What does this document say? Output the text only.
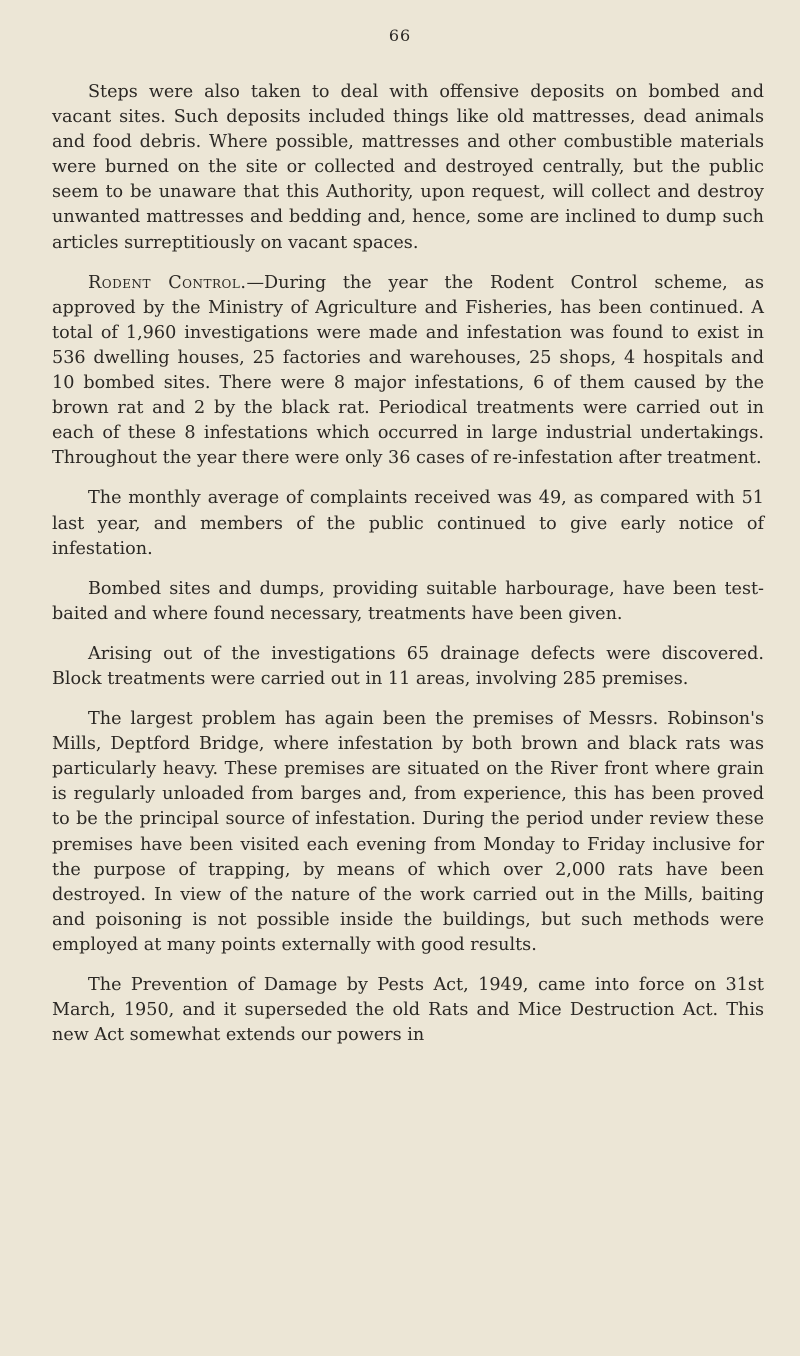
66

Steps were also taken to deal with offensive deposits on bombed and vacant sites. Such deposits included things like old mattresses, dead animals and food debris. Where possible, mattresses and other combustible materials were burned on the site or collected and destroyed centrally, but the public seem to be unaware that this Authority, upon request, will collect and destroy unwanted mattresses and bedding and, hence, some are inclined to dump such articles surreptitiously on vacant spaces.

Rodent Control.—During the year the Rodent Control scheme, as approved by the Ministry of Agriculture and Fisheries, has been continued. A total of 1,960 investigations were made and infestation was found to exist in 536 dwelling houses, 25 factories and warehouses, 25 shops, 4 hospitals and 10 bombed sites. There were 8 major infestations, 6 of them caused by the brown rat and 2 by the black rat. Periodical treatments were carried out in each of these 8 infestations which occurred in large industrial undertakings. Throughout the year there were only 36 cases of re-infestation after treatment.

The monthly average of complaints received was 49, as compared with 51 last year, and members of the public continued to give early notice of infestation.

Bombed sites and dumps, providing suitable harbourage, have been test-baited and where found necessary, treatments have been given.

Arising out of the investigations 65 drainage defects were discovered. Block treatments were carried out in 11 areas, involving 285 premises.

The largest problem has again been the premises of Messrs. Robinson's Mills, Deptford Bridge, where infestation by both brown and black rats was particularly heavy. These premises are situated on the River front where grain is regularly unloaded from barges and, from experience, this has been proved to be the principal source of infestation. During the period under review these premises have been visited each evening from Monday to Friday inclusive for the purpose of trapping, by means of which over 2,000 rats have been destroyed. In view of the nature of the work carried out in the Mills, baiting and poisoning is not possible inside the buildings, but such methods were employed at many points externally with good results.

The Prevention of Damage by Pests Act, 1949, came into force on 31st March, 1950, and it superseded the old Rats and Mice Destruction Act. This new Act somewhat extends our powers in
